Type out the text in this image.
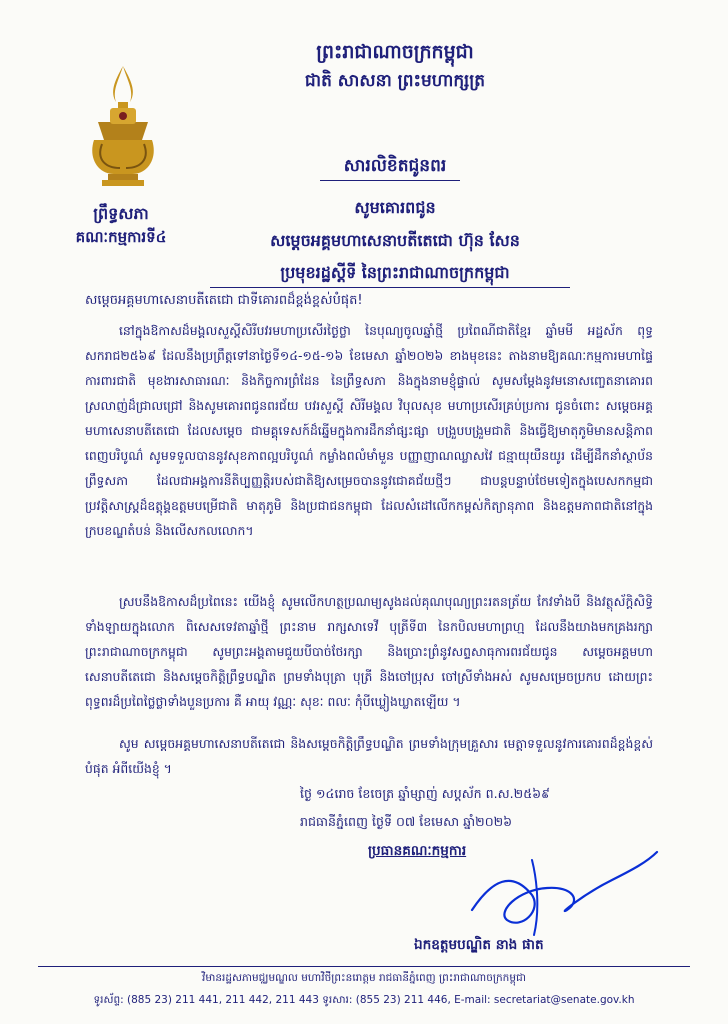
ព្រះរាជាណាចក្រកម្ពុជា
ជាតិ សាសនា ព្រះមហាក្សត្រ
ព្រឹទ្ធសភា
គណៈកម្មការទី៤
សារលិខិតជូនពរ
សូមគោរពជូន
សម្តេចអគ្គមហាសេនាបតីតេជោ ហ៊ុន សែន
ប្រមុខរដ្ឋស្តីទី នៃព្រះរាជាណាចក្រកម្ពុជា
សម្តេចអគ្គមហាសេនាបតីតេជោ ជាទីគោរពដ៏ខ្ពង់ខ្ពស់បំផុត!
នៅក្នុងឱកាសដ៏មង្គលសួស្តីសិរីបវរមហាប្រសើរថ្ងៃថ្លា នៃបុណ្យចូលឆ្នាំថ្មី ប្រពៃណីជាតិខ្មែរ ឆ្នាំមមី អដ្ឋស័ក ពុទ្ធសករាជ២៥៦៩ ដែលនឹងប្រព្រឹត្តទៅនាថ្ងៃទី១៤-១៥-១៦ ខែមេសា ឆ្នាំ២០២៦ ខាងមុខនេះ តាងនាមឱ្យគណៈកម្មការមហាផ្ទៃ ការពារជាតិ មុខងារសាធារណៈ និងកិច្ចការព្រំដែន នៃព្រឹទ្ធសភា និងក្នុងនាមខ្ញុំផ្ទាល់ សូមសម្តែងនូវមនោសញ្ចេតនាគោរពស្រលាញ់ដ៏ជ្រាលជ្រៅ និងសូមគោរពជូនពរជ័យ បវរសួស្តី សិរីមង្គល វិបុលសុខ មហាប្រសើរគ្រប់ប្រការ ជូនចំពោះ សម្តេចអគ្គមហាសេនាបតីតេជោ ដែលសម្តេច ជាមគ្គុទេសក៍ដ៏ឆ្នើមក្នុងការដឹកនាំផ្សះផ្សា បង្រួបបង្រួមជាតិ និងធ្វើឱ្យមាតុភូមិមានសន្តិភាពពេញបរិបូណ៌ សូមទទួលបាននូវសុខភាពល្អបរិបូណ៌ កម្លាំងពលំមាំមួន បញ្ញាញាណឈ្លាសវៃ ជន្មាយុយឺនយូរ ដើម្បីដឹកនាំស្ថាប័នព្រឹទ្ធសភា ដែលជាអង្គការនីតិប្បញ្ញត្តិរបស់ជាតិឱ្យសម្រេចបាននូវជោគជ័យថ្មីៗ ជាបន្តបន្ទាប់ថែមទៀតក្នុងបេសកកម្មជាប្រវត្តិសាស្ត្រដ៏ឧត្តុង្គឧត្តមបម្រើជាតិ មាតុភូមិ និងប្រជាជនកម្ពុជា ដែលសំដៅលើកកម្ពស់កិត្យានុភាព និងឧត្តមភាពជាតិនៅក្នុងក្របខណ្ឌតំបន់ និងលើសកលលោក។
ស្របនឹងឱកាសដ៏ប្រពៃនេះ យើងខ្ញុំ សូមលើកហត្ថប្រណម្យសូងដល់គុណបុណ្យព្រះរតនត្រ័យ កែវទាំងបី និងវត្ថុស័ក្តិសិទ្ធិទាំងឡាយក្នុងលោក ពិសេសទេវតាឆ្នាំថ្មី ព្រះនាម រាក្សសាទេវី បុត្រីទី៣ នៃកបិលមហាព្រហ្ម ដែលនឹងយាងមកគ្រងរក្សាព្រះរាជាណាចក្រកម្ពុជា សូមព្រះអង្គតាមជួយបីបាច់ថែរក្សា និងប្រោះព្រំនូវសព្ទសាធុការពរជ័យជូន សម្តេចអគ្គមហាសេនាបតីតេជោ និងសម្តេចកិត្តិព្រឹទ្ធបណ្ឌិត ព្រមទាំងបុត្រា បុត្រី និងចៅប្រុស ចៅស្រីទាំងអស់ សូមសម្រេចប្រកប ដោយព្រះពុទ្ធពរដ៏ប្រពៃថ្លៃថ្លាទាំងបួនប្រការ គឺ អាយុ វណ្ណៈ សុខៈ ពលៈ កុំបីឃ្លៀងឃ្លាតឡើយ ។
សូម សម្តេចអគ្គមហាសេនាបតីតេជោ និងសម្តេចកិត្តិព្រឹទ្ធបណ្ឌិត ព្រមទាំងក្រុមគ្រួសារ មេត្តាទទួលនូវការគោរពដ៏ខ្ពង់ខ្ពស់បំផុត អំពីយើងខ្ញុំ ។
ថ្ងៃ ១៤រោច ខែចេត្រ ឆ្នាំម្សាញ់ សប្តស័ក ព.ស.២៥៦៩
រាជធានីភ្នំពេញ ថ្ងៃទី ០៧ ខែមេសា ឆ្នាំ២០២៦
ប្រធានគណៈកម្មការ
ឯកឧត្តមបណ្ឌិត នាង ផាត
វិមានរដ្ឋសភាមជ្ឈមណ្ឌល មហាវិថីព្រះនរោត្តម រាជធានីភ្នំពេញ ព្រះរាជាណាចក្រកម្ពុជា
ទូរស័ព្ទ: (885 23) 211 441, 211 442, 211 443 ទូរសារ: (855 23) 211 446, E-mail: secretariat@senate.gov.kh
